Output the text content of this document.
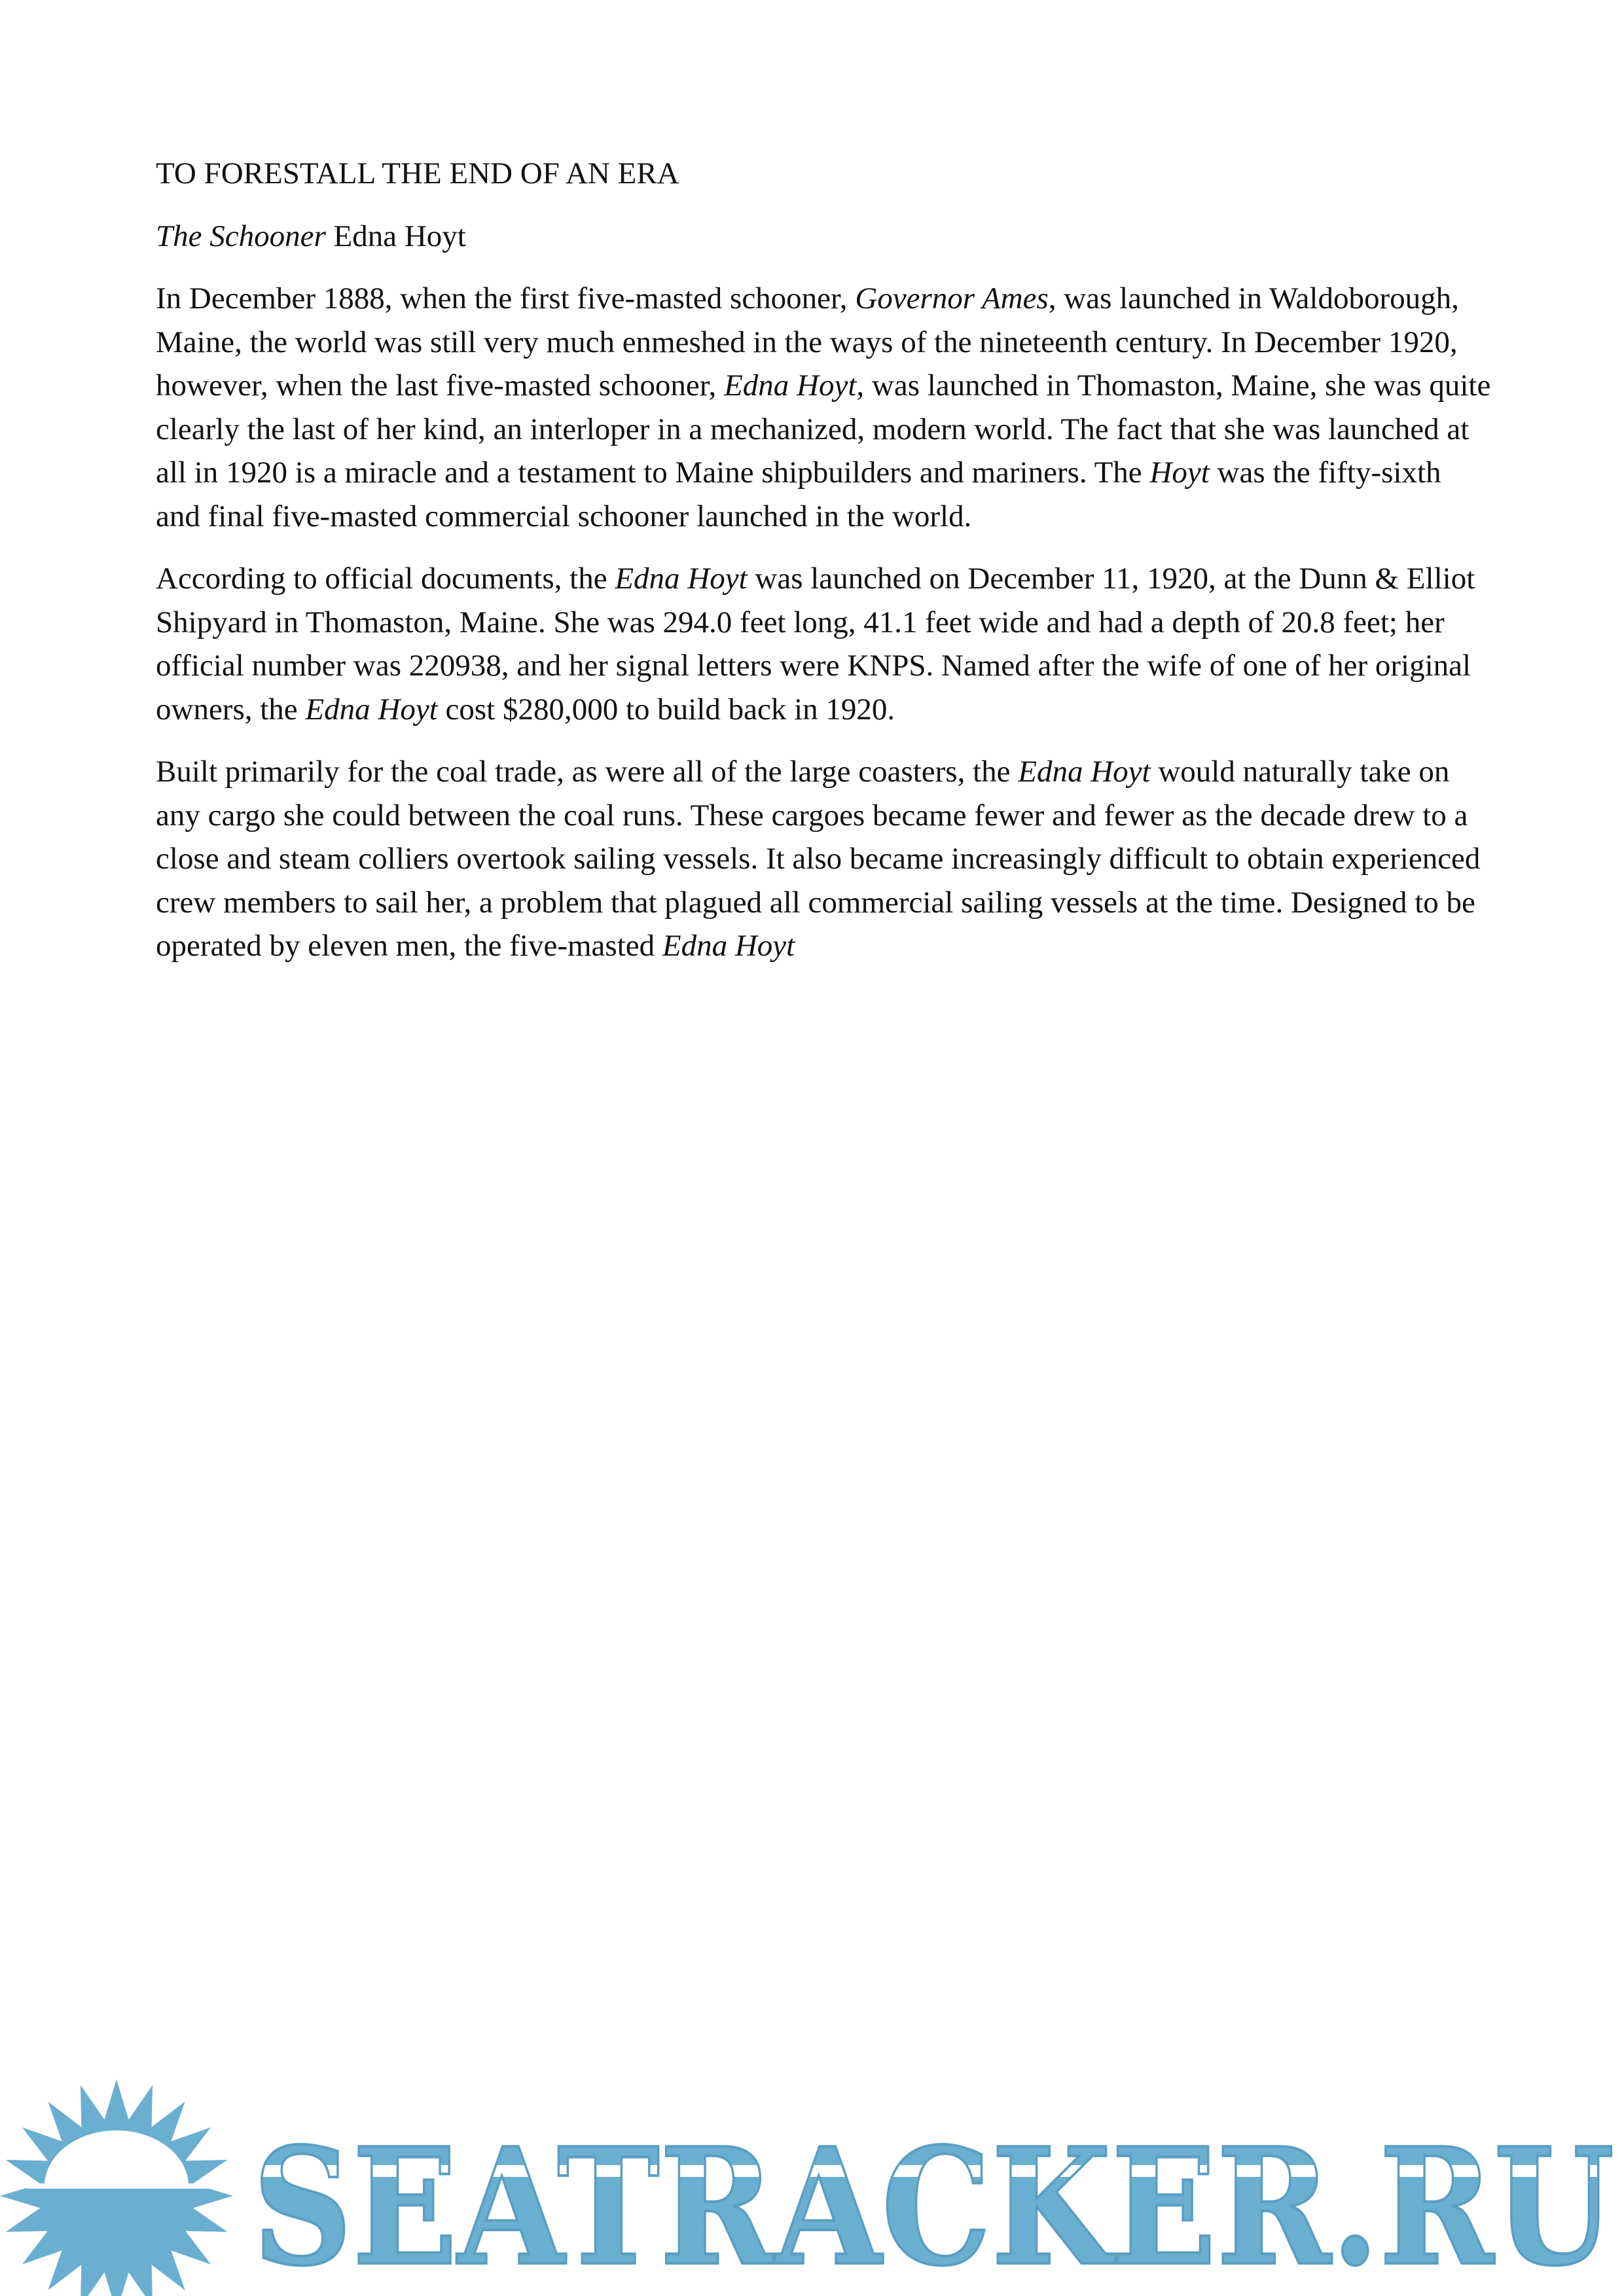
TO FORESTALL THE END OF AN ERA

The Schooner Edna Hoyt

In December 1888, when the first five-masted schooner, Governor Ames, was launched in Waldoborough, Maine, the world was still very much enmeshed in the ways of the nineteenth century. In December 1920, however, when the last five-masted schooner, Edna Hoyt, was launched in Thomaston, Maine, she was quite clearly the last of her kind, an interloper in a mechanized, modern world. The fact that she was launched at all in 1920 is a miracle and a testament to Maine shipbuilders and mariners. The Hoyt was the fifty-sixth and final five-masted commercial schooner launched in the world.

According to official documents, the Edna Hoyt was launched on December 11, 1920, at the Dunn & Elliot Shipyard in Thomaston, Maine. She was 294.0 feet long, 41.1 feet wide and had a depth of 20.8 feet; her official number was 220938, and her signal letters were KNPS. Named after the wife of one of her original owners, the Edna Hoyt cost $280,000 to build back in 1920.

Built primarily for the coal trade, as were all of the large coasters, the Edna Hoyt would naturally take on any cargo she could between the coal runs. These cargoes became fewer and fewer as the decade drew to a close and steam colliers overtook sailing vessels. It also became increasingly difficult to obtain experienced crew members to sail her, a problem that plagued all commercial sailing vessels at the time. Designed to be operated by eleven men, the five-masted Edna Hoyt

SEATRACKER.RU
